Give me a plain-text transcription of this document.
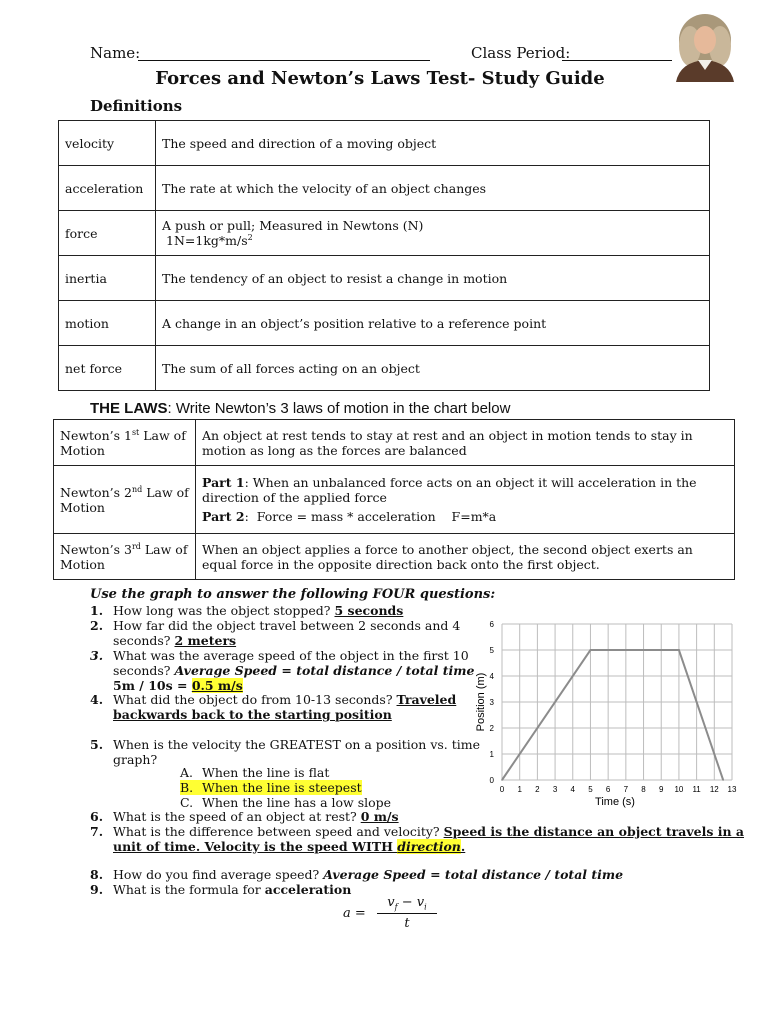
Name:	Class Period:
Forces and Newton’s Laws Test- Study Guide
Definitions
velocity	The speed and direction of a moving object
acceleration	The rate at which the velocity of an object changes
force	A push or pull; Measured in Newtons (N)
$1N=1kg*m/s^2$

inertia	The tendency of an object to resist a change in motion
motion	A change in an object’s position relative to a reference point
net force	The sum of all forces acting on an object
THE LAWS: Write Newton’s 3 laws of motion in the chart below
Newton’s 1st Law of Motion	An object at rest tends to stay at rest and an object in motion tends to stay in motion as long as the forces are balanced
Newton’s 2nd Law of Motion	Part 1: When an unbalanced force acts on an object it will acceleration in the direction of the applied force
Part 2:  Force = mass * acceleration    F=m*a

Newton’s 3rd Law of Motion	When an object applies a force to another object, the second object exerts an equal force in the opposite direction back onto the first object.
Use the graph to answer the following FOUR questions:
1. How long was the object stopped? 5 seconds
2. How far did the object travel between 2 seconds and 4
seconds? 2 meters
3. What was the average speed of the object in the first 10
seconds? Average Speed = total distance / total time
5m / 10s = 0.5 m/s
4. What did the object do from 10-13 seconds? Traveled
backwards back to the starting position
5. When is the velocity the GREATEST on a position vs. time
graph?
A. When the line is flat
B. When the line is steepest
C. When the line has a low slope
6. What is the speed of an object at rest? 0 m/s
7. What is the difference between speed and velocity? Speed is the distance an object travels in a
unit of time. Velocity is the speed WITH direction.
8. How do you find average speed? Average Speed = total distance / total time
9. What is the formula for acceleration
a =
$v_f - v_i$
t
0 1 2 3 4 5 6 7 8 9 10 11 12 13
0
1
2
3
4
5
6
Time (s)
Position (m)
